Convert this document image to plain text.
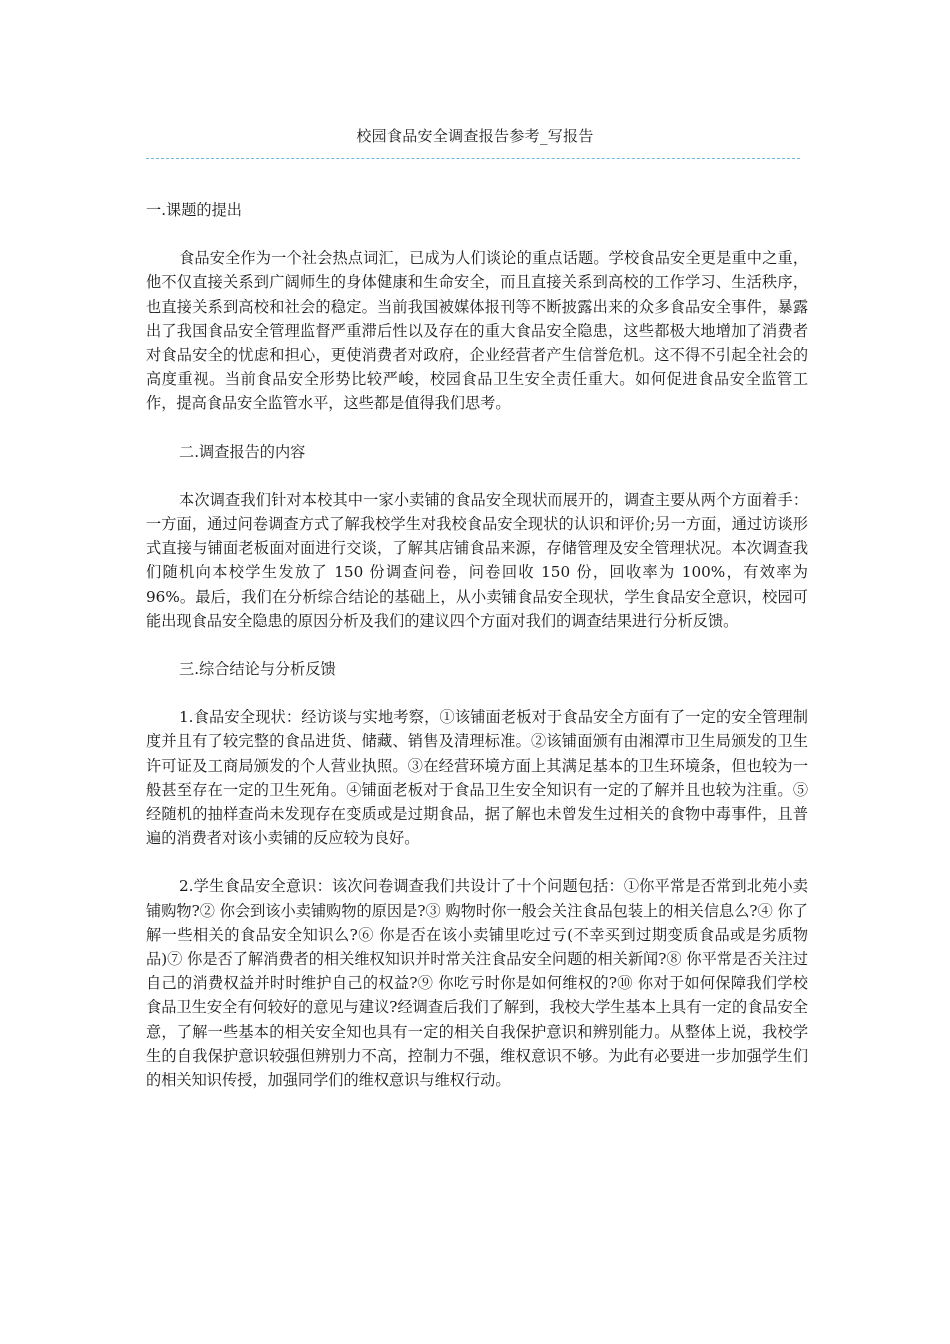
校园食品安全调查报告参考_写报告

一.课题的提出

食品安全作为一个社会热点词汇，已成为人们谈论的重点话题。学校食品安全更是重中之重，他不仅直接关系到广阔师生的身体健康和生命安全，而且直接关系到高校的工作学习、生活秩序，也直接关系到高校和社会的稳定。当前我国被媒体报刊等不断披露出来的众多食品安全事件，暴露出了我国食品安全管理监督严重滞后性以及存在的重大食品安全隐患，这些都极大地增加了消费者对食品安全的忧虑和担心，更使消费者对政府，企业经营者产生信誉危机。这不得不引起全社会的高度重视。当前食品安全形势比较严峻，校园食品卫生安全责任重大。如何促进食品安全监管工作，提高食品安全监管水平，这些都是值得我们思考。

二.调查报告的内容

本次调查我们针对本校其中一家小卖铺的食品安全现状而展开的，调查主要从两个方面着手：一方面，通过问卷调查方式了解我校学生对我校食品安全现状的认识和评价;另一方面，通过访谈形式直接与铺面老板面对面进行交谈，了解其店铺食品来源，存储管理及安全管理状况。本次调查我们随机向本校学生发放了 150 份调查问卷，问卷回收 150 份，回收率为 100%，有效率为 96%。最后，我们在分析综合结论的基础上，从小卖铺食品安全现状，学生食品安全意识，校园可能出现食品安全隐患的原因分析及我们的建议四个方面对我们的调查结果进行分析反馈。

三.综合结论与分析反馈

1.食品安全现状：经访谈与实地考察，①该铺面老板对于食品安全方面有了一定的安全管理制度并且有了较完整的食品进货、储藏、销售及清理标准。②该铺面颁有由湘潭市卫生局颁发的卫生许可证及工商局颁发的个人营业执照。③在经营环境方面上其满足基本的卫生环境条，但也较为一般甚至存在一定的卫生死角。④铺面老板对于食品卫生安全知识有一定的了解并且也较为注重。⑤经随机的抽样查尚未发现存在变质或是过期食品，据了解也未曾发生过相关的食物中毒事件，且普遍的消费者对该小卖铺的反应较为良好。

2.学生食品安全意识：该次问卷调查我们共设计了十个问题包括：①你平常是否常到北苑小卖铺购物?② 你会到该小卖铺购物的原因是?③ 购物时你一般会关注食品包装上的相关信息么?④ 你了解一些相关的食品安全知识么?⑥ 你是否在该小卖铺里吃过亏(不幸买到过期变质食品或是劣质物品)⑦ 你是否了解消费者的相关维权知识并时常关注食品安全问题的相关新闻?⑧ 你平常是否关注过自己的消费权益并时时维护自己的权益?⑨ 你吃亏时你是如何维权的?⑩ 你对于如何保障我们学校食品卫生安全有何较好的意见与建议?经调查后我们了解到，我校大学生基本上具有一定的食品安全意，了解一些基本的相关安全知也具有一定的相关自我保护意识和辨别能力。从整体上说，我校学生的自我保护意识较强但辨别力不高，控制力不强，维权意识不够。为此有必要进一步加强学生们的相关知识传授，加强同学们的维权意识与维权行动。
